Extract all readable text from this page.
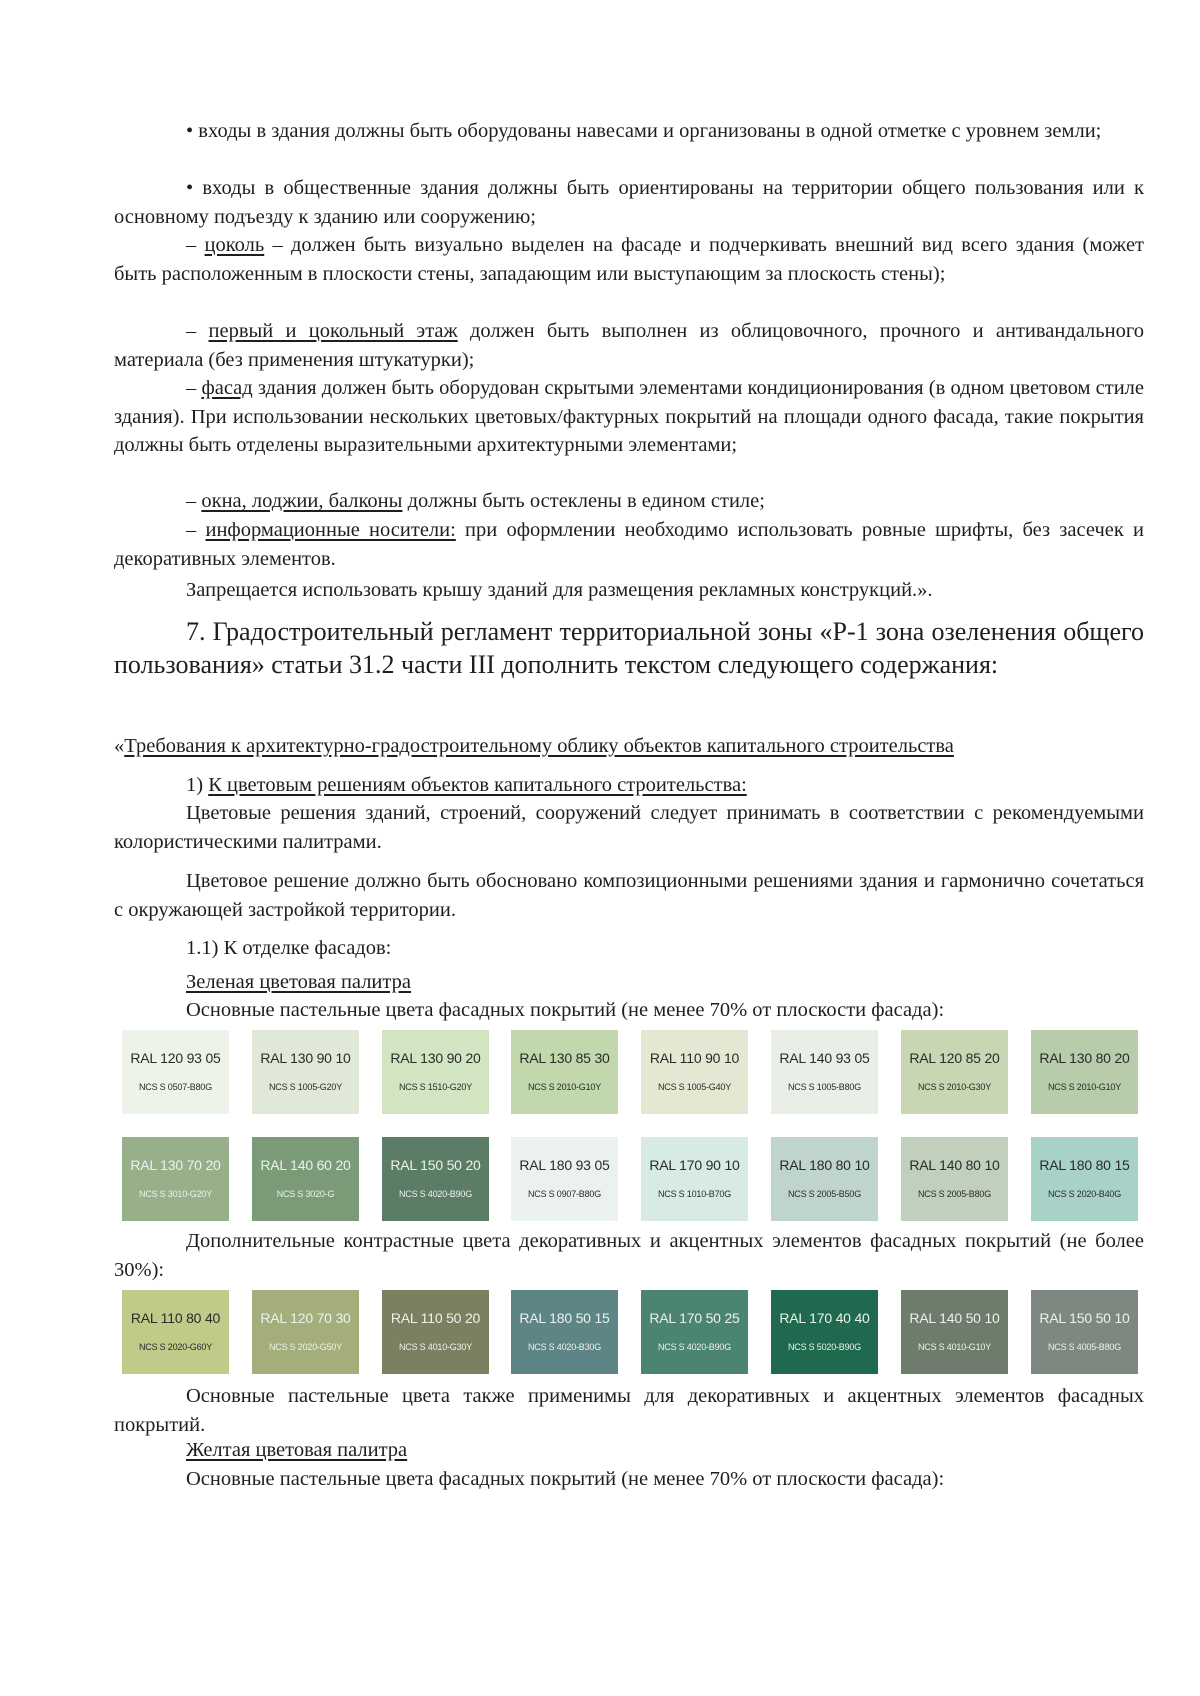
• входы в здания должны быть оборудованы навесами и организованы в одной отметке с уровнем земли;

• входы в общественные здания должны быть ориентированы на территории общего пользования или к основному подъезду к зданию или сооружению;

– цоколь – должен быть визуально выделен на фасаде и подчеркивать внешний вид всего здания (может быть расположенным в плоскости стены, западающим или выступающим за плоскость стены);

– первый и цокольный этаж должен быть выполнен из облицовочного, прочного и антивандального материала (без применения штукатурки);

– фасад здания должен быть оборудован скрытыми элементами кондиционирования (в одном цветовом стиле здания). При использовании нескольких цветовых/фактурных покрытий на площади одного фасада, такие покрытия должны быть отделены выразительными архитектурными элементами;

– окна, лоджии, балконы должны быть остеклены в едином стиле;

– информационные носители: при оформлении необходимо использовать ровные шрифты, без засечек и декоративных элементов.

Запрещается использовать крышу зданий для размещения рекламных конструкций.».

7. Градостроительный регламент территориальной зоны «Р-1 зона озеленения общего пользования» статьи 31.2 части III дополнить текстом следующего содержания:

«Требования к архитектурно-градостроительному облику объектов капитального строительства

1) К цветовым решениям объектов капитального строительства:

Цветовые решения зданий, строений, сооружений следует принимать в соответствии с рекомендуемыми колористическими палитрами.

Цветовое решение должно быть обосновано композиционными решениями здания и гармонично сочетаться с окружающей застройкой территории.

1.1) К отделке фасадов:

Зеленая цветовая палитра

Основные пастельные цвета фасадных покрытий (не менее 70% от плоскости фасада):

RAL 120 93 05
NCS S 0507-B80G
RAL 130 90 10
NCS S 1005-G20Y
RAL 130 90 20
NCS S 1510-G20Y
RAL 130 85 30
NCS S 2010-G10Y
RAL 110 90 10
NCS S 1005-G40Y
RAL 140 93 05
NCS S 1005-B80G
RAL 120 85 20
NCS S 2010-G30Y
RAL 130 80 20
NCS S 2010-G10Y
RAL 130 70 20
NCS S 3010-G20Y
RAL 140 60 20
NCS S 3020-G
RAL 150 50 20
NCS S 4020-B90G
RAL 180 93 05
NCS S 0907-B80G
RAL 170 90 10
NCS S 1010-B70G
RAL 180 80 10
NCS S 2005-B50G
RAL 140 80 10
NCS S 2005-B80G
RAL 180 80 15
NCS S 2020-B40G

Дополнительные контрастные цвета декоративных и акцентных элементов фасадных покрытий (не более 30%):

RAL 110 80 40
NCS S 2020-G60Y
RAL 120 70 30
NCS S 2020-G50Y
RAL 110 50 20
NCS S 4010-G30Y
RAL 180 50 15
NCS S 4020-B30G
RAL 170 50 25
NCS S 4020-B90G
RAL 170 40 40
NCS S 5020-B90G
RAL 140 50 10
NCS S 4010-G10Y
RAL 150 50 10
NCS S 4005-B80G

Основные пастельные цвета также применимы для декоративных и акцентных элементов фасадных покрытий.

Желтая цветовая палитра

Основные пастельные цвета фасадных покрытий (не менее 70% от плоскости фасада):
